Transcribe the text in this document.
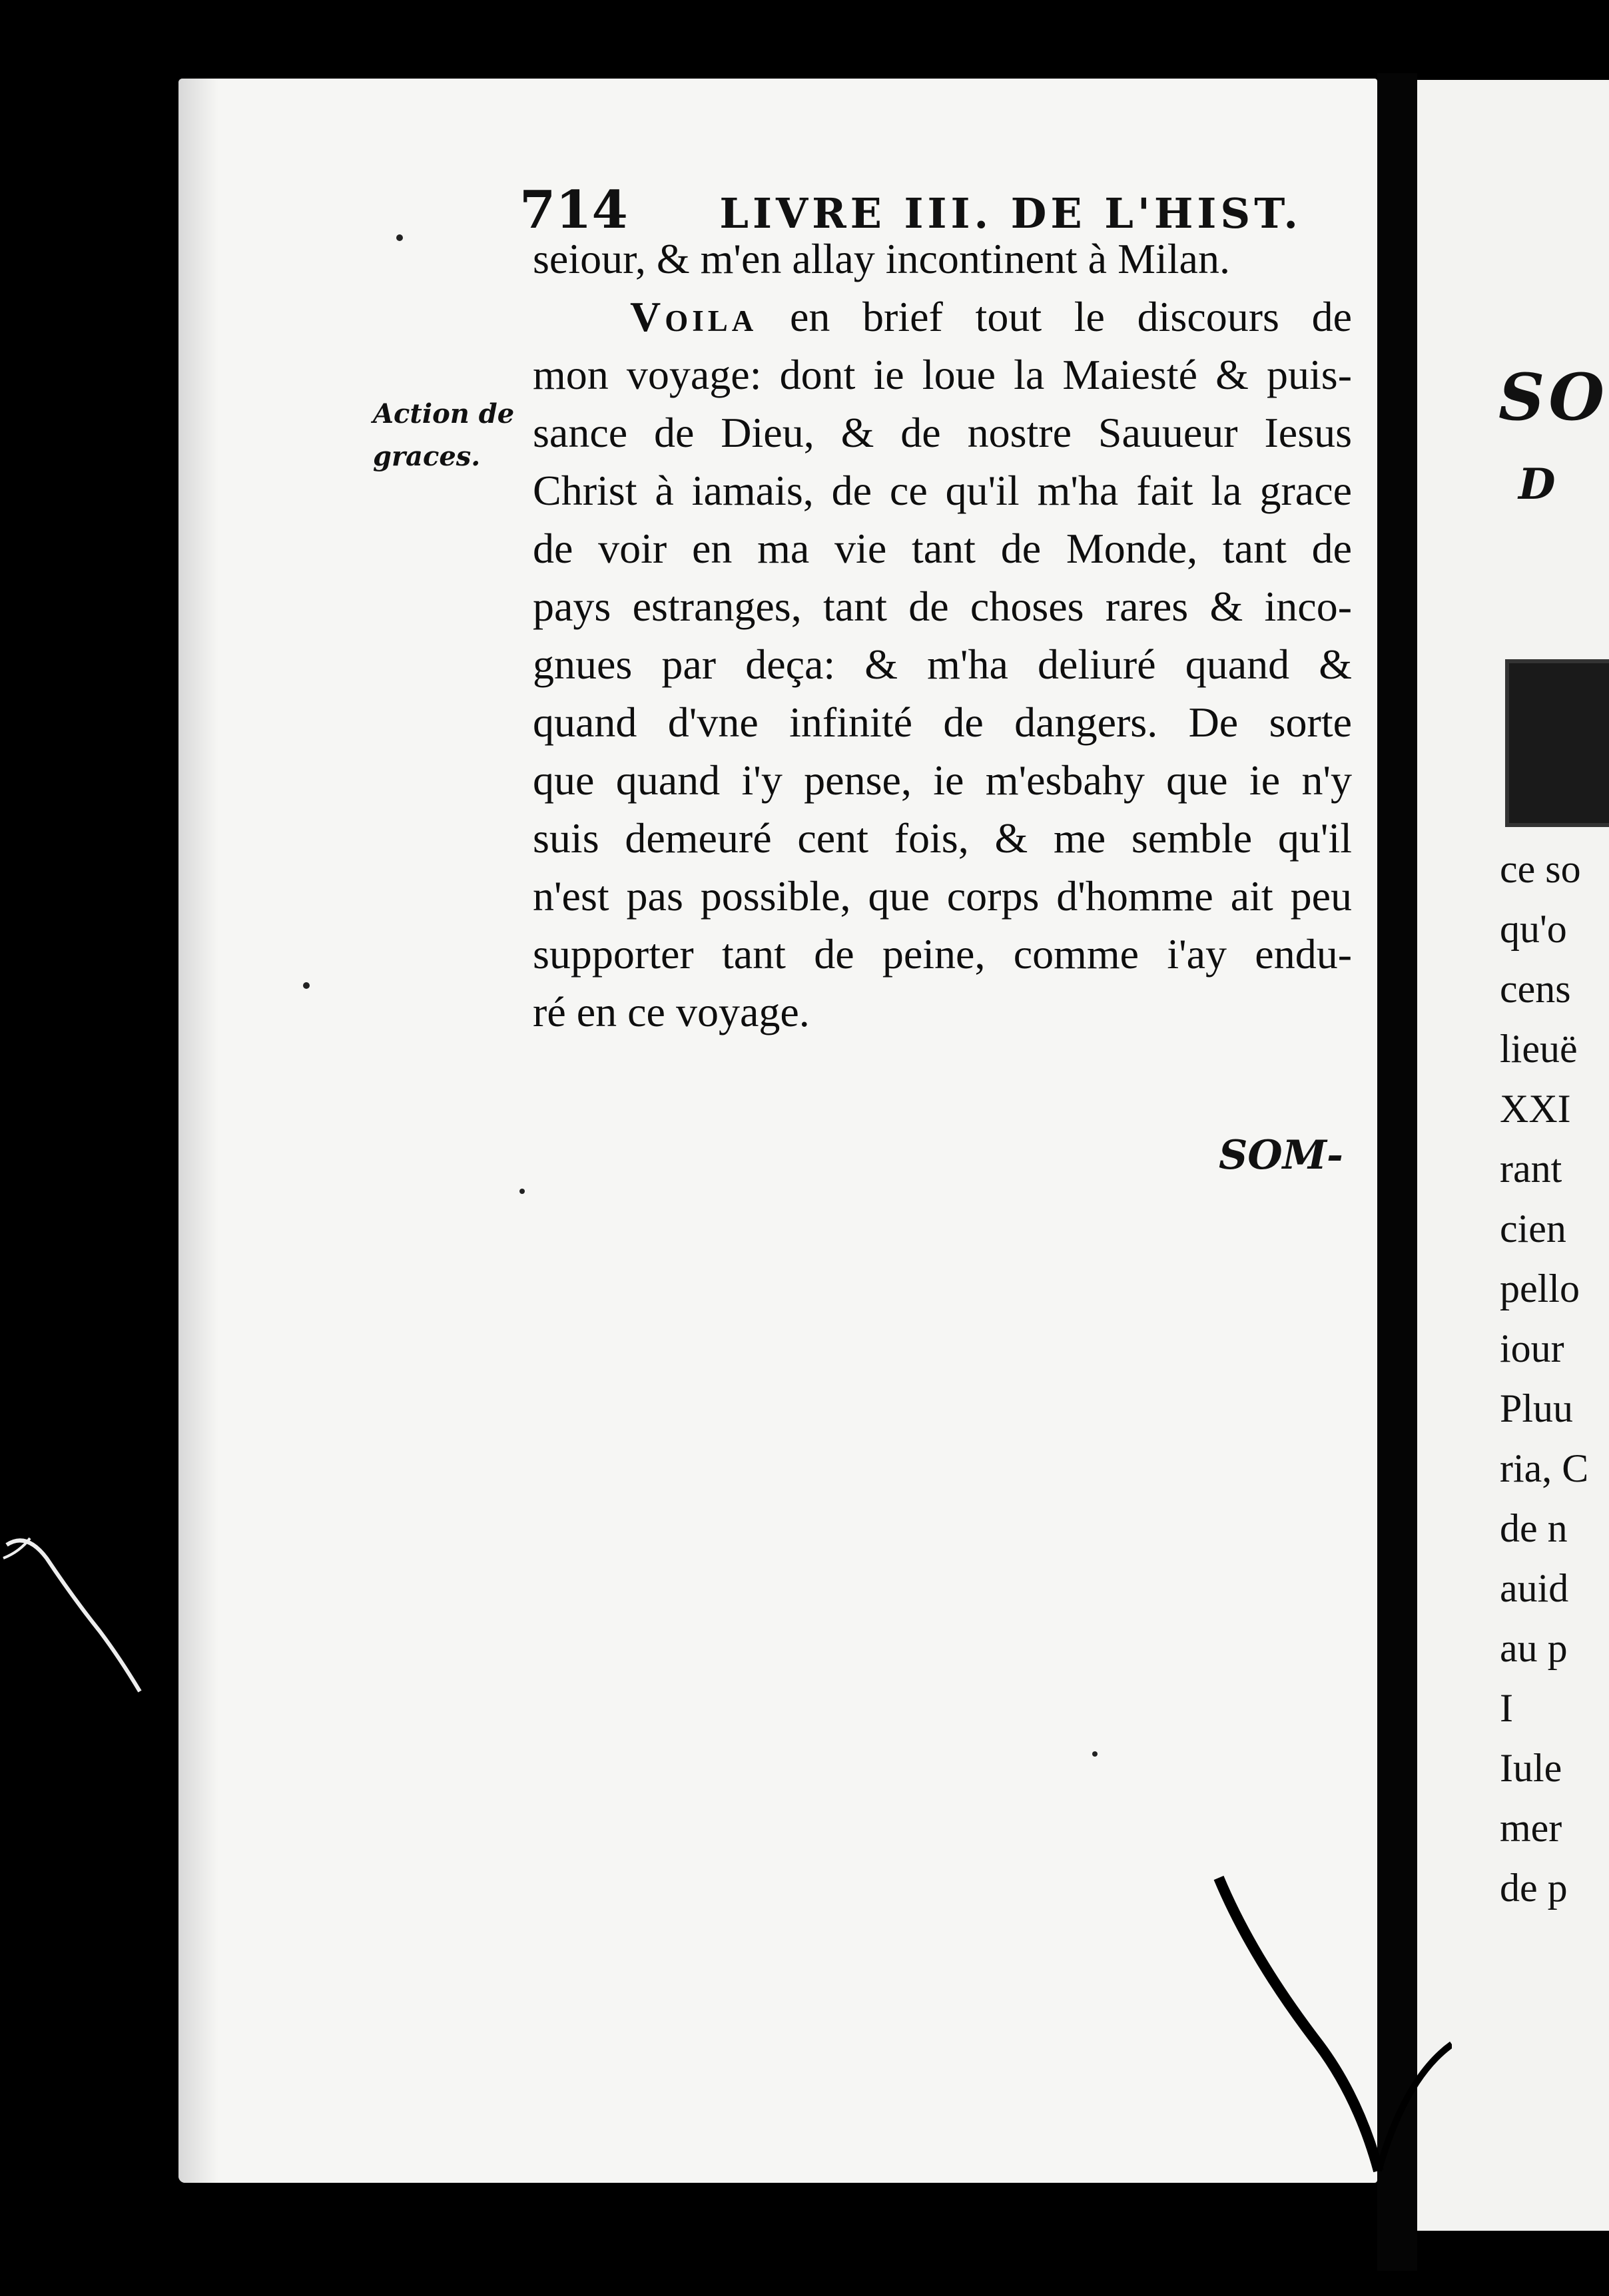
714 LIVRE III. DE L'HIST.
Action de
graces.
seiour, & m'en allay incontinent à Milan.
Voila en brief tout le discours de
mon voyage: dont ie loue la Maiesté & puis-
sance de Dieu, & de nostre Sauueur Iesus
Christ à iamais, de ce qu'il m'ha fait la grace
de voir en ma vie tant de Monde, tant de
pays estranges, tant de choses rares & inco-
gnues par deça: & m'ha deliuré quand &
quand d'vne infinité de dangers. De sorte
que quand i'y pense, ie m'esbahy que ie n'y
suis demeuré cent fois, & me semble qu'il
n'est pas possible, que corps d'homme ait peu
supporter tant de peine, comme i'ay endu-
ré en ce voyage.
SOM-
SO
D
ce so
qu'o
cens
lieuë
XXI
rant
cien
pello
iour
Pluu
ria, C
de n
auid
au p
I
Iule
mer
de p
